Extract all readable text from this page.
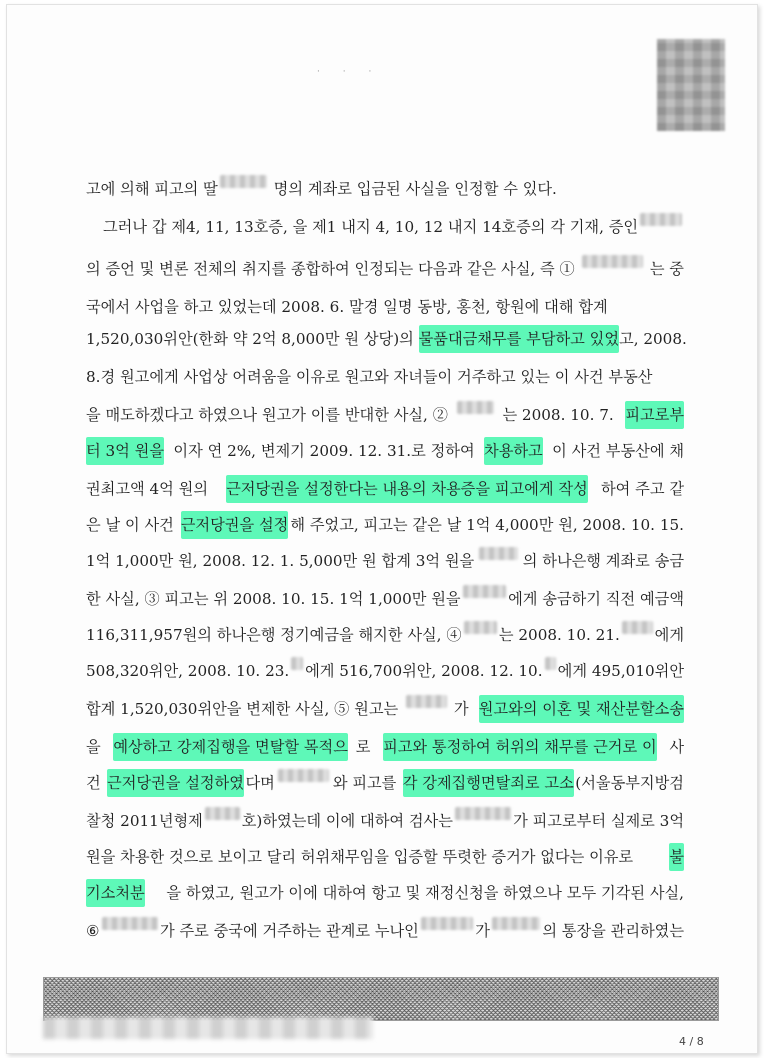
· · ·
고에 의해 피고의 딸	명의 계좌로 입금된 사실을 인정할 수 있다.
그러나 갑 제4, 11, 13호증, 을 제1 내지 4, 10, 12 내지 14호증의 각 기재, 증인
의 증언 및 변론 전체의 취지를 종합하여 인정되는 다음과 같은 사실, 즉 ①	는 중
국에서 사업을 하고 있었는데 2008. 6. 말경 일명 동방, 홍천, 항원에 대해 합계
1,520,030위안(한화 약 2억 8,000만 원 상당)의 물품대금채무를 부담하고 있었 고, 2008.
8.경 원고에게 사업상 어려움을 이유로 원고와 자녀들이 거주하고 있는 이 사건 부동산
을 매도하겠다고 하였으나 원고가 이를 반대한 사실, ②	는 2008. 10. 7. 피고로부
터 3억 원을 이자 연 2%, 변제기 2009. 12. 31.로 정하여 차용하고 이 사건 부동산에 채
권최고액 4억 원의 근저당권을 설정한다는 내용의 차용증을 피고에게 작성 하여 주고 같
은 날 이 사건 근저당권을 설정 해 주었고, 피고는 같은 날 1억 4,000만 원, 2008. 10. 15.
1억 1,000만 원, 2008. 12. 1. 5,000만 원 합계 3억 원을	의 하나은행 계좌로 송금
한 사실, ③ 피고는 위 2008. 10. 15. 1억 1,000만 원을	에게 송금하기 직전 예금액
116,311,957원의 하나은행 정기예금을 해지한 사실, ④ 는 2008. 10. 21. 에게
508,320위안, 2008. 10. 23. 에게 516,700위안, 2008. 12. 10. 에게 495,010위안
합계 1,520,030위안을 변제한 사실, ⑤ 원고는	가 원고와의 이혼 및 재산분할소송
을 예상하고 강제집행을 면탈할 목적으 로 피고와 통정하여 허위의 채무를 근거로 이 사
건 근저당권을 설정하였 다며	와 피고를 각 강제집행면탈죄로 고소 (서울동부지방검
찰청 2011년형제	호)하였는데 이에 대하여 검사는	가 피고로부터 실제로 3억
원을 차용한 것으로 보이고 달리 허위채무임을 입증할 뚜렷한 증거가 없다는 이유로 불
기소처분 을 하였고, 원고가 이에 대하여 항고 및 재정신청을 하였으나 모두 기각된 사실,
⑥	가 주로 중국에 거주하는 관계로 누나인	가	의 통장을 관리하였는
4 / 8
